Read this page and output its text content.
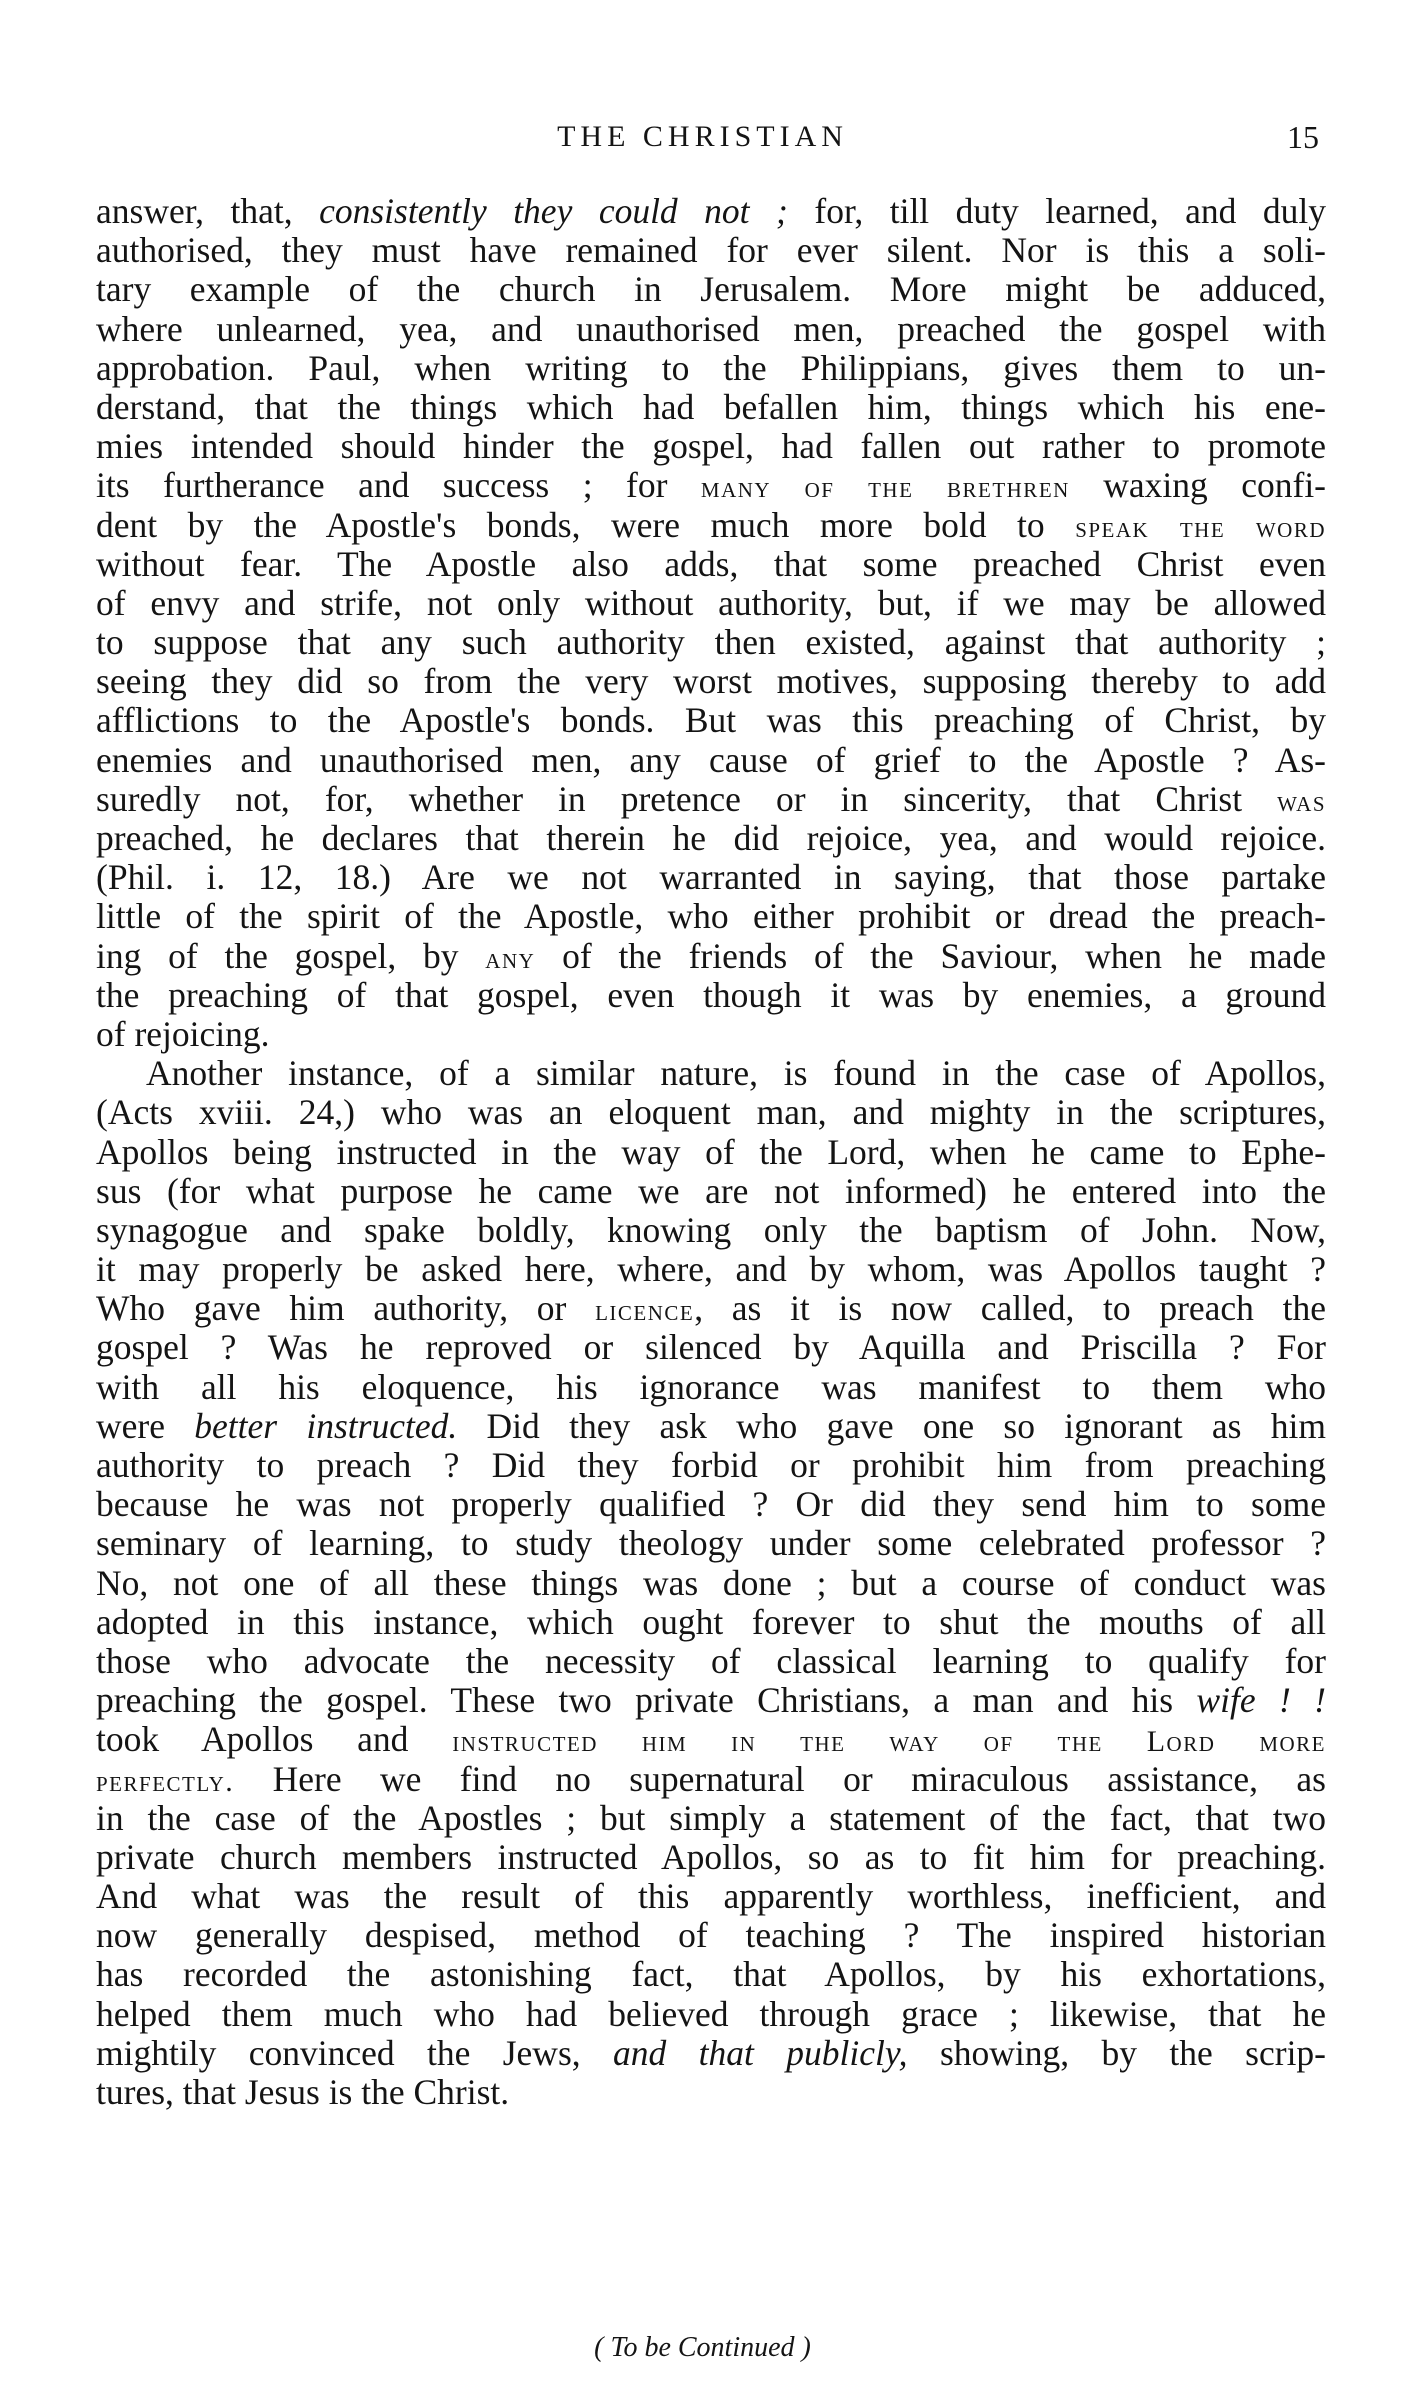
THE CHRISTIAN	15
answer, that, consistently they could not ; for, till duty learned, and duly
authorised, they must have remained for ever silent. Nor is this a soli-
tary example of the church in Jerusalem. More might be adduced,
where unlearned, yea, and unauthorised men, preached the gospel with
approbation. Paul, when writing to the Philippians, gives them to un-
derstand, that the things which had befallen him, things which his ene-
mies intended should hinder the gospel, had fallen out rather to promote
its furtherance and success ; for many of the brethren waxing confi-
dent by the Apostle's bonds, were much more bold to speak the word
without fear. The Apostle also adds, that some preached Christ even
of envy and strife, not only without authority, but, if we may be allowed
to suppose that any such authority then existed, against that authority ;
seeing they did so from the very worst motives, supposing thereby to add
afflictions to the Apostle's bonds. But was this preaching of Christ, by
enemies and unauthorised men, any cause of grief to the Apostle ? As-
suredly not, for, whether in pretence or in sincerity, that Christ was
preached, he declares that therein he did rejoice, yea, and would rejoice.
(Phil. i. 12, 18.) Are we not warranted in saying, that those partake
little of the spirit of the Apostle, who either prohibit or dread the preach-
ing of the gospel, by any of the friends of the Saviour, when he made
the preaching of that gospel, even though it was by enemies, a ground
of rejoicing.
Another instance, of a similar nature, is found in the case of Apollos,
(Acts xviii. 24,) who was an eloquent man, and mighty in the scriptures,
Apollos being instructed in the way of the Lord, when he came to Ephe-
sus (for what purpose he came we are not informed) he entered into the
synagogue and spake boldly, knowing only the baptism of John. Now,
it may properly be asked here, where, and by whom, was Apollos taught ?
Who gave him authority, or licence, as it is now called, to preach the
gospel ? Was he reproved or silenced by Aquilla and Priscilla ? For
with all his eloquence, his ignorance was manifest to them who
were better instructed. Did they ask who gave one so ignorant as him
authority to preach ? Did they forbid or prohibit him from preaching
because he was not properly qualified ? Or did they send him to some
seminary of learning, to study theology under some celebrated professor ?
No, not one of all these things was done ; but a course of conduct was
adopted in this instance, which ought forever to shut the mouths of all
those who advocate the necessity of classical learning to qualify for
preaching the gospel. These two private Christians, a man and his wife ! !
took Apollos and instructed him in the way of the Lord more
perfectly. Here we find no supernatural or miraculous assistance, as
in the case of the Apostles ; but simply a statement of the fact, that two
private church members instructed Apollos, so as to fit him for preaching.
And what was the result of this apparently worthless, inefficient, and
now generally despised, method of teaching ? The inspired historian
has recorded the astonishing fact, that Apollos, by his exhortations,
helped them much who had believed through grace ; likewise, that he
mightily convinced the Jews, and that publicly, showing, by the scrip-
tures, that Jesus is the Christ.
( To be Continued )
